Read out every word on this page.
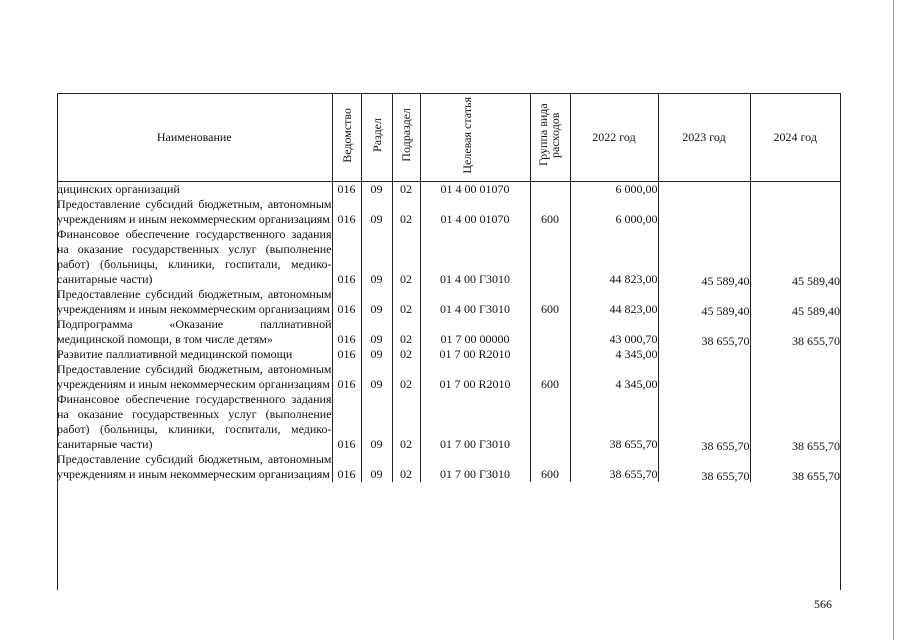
Наименование	Ведомство	Раздел	Подраздел	Целевая статья	Группа вида расходов	2022 год	2023 год	2024 год
дицинских организаций	016	09	02	01 4 00 01070		6 000,00		
Предоставление субсидий бюджетным, автономным учреждениям и иным некоммерческим организациям	016	09	02	01 4 00 01070	600	6 000,00		
Финансовое обеспечение государственного задания на оказание государственных услуг (выполнение работ) (больницы, клиники, госпитали, медико-санитарные части)	016	09	02	01 4 00 Г3010		44 823,00	45 589,40	45 589,40
Предоставление субсидий бюджетным, автономным учреждениям и иным некоммерческим организациям	016	09	02	01 4 00 Г3010	600	44 823,00	45 589,40	45 589,40
Подпрограмма «Оказание паллиативной медицинской помощи, в том числе детям»	016	09	02	01 7 00 00000		43 000,70	38 655,70	38 655,70
Развитие паллиативной медицинской помощи	016	09	02	01 7 00 R2010		4 345,00		
Предоставление субсидий бюджетным, автономным учреждениям и иным некоммерческим организациям	016	09	02	01 7 00 R2010	600	4 345,00		
Финансовое обеспечение государственного задания на оказание государственных услуг (выполнение работ) (больницы, клиники, госпитали, медико-санитарные части)	016	09	02	01 7 00 Г3010		38 655,70	38 655,70	38 655,70
Предоставление субсидий бюджетным, автономным учреждениям и иным некоммерческим организациям	016	09	02	01 7 00 Г3010	600	38 655,70	38 655,70	38 655,70
566
